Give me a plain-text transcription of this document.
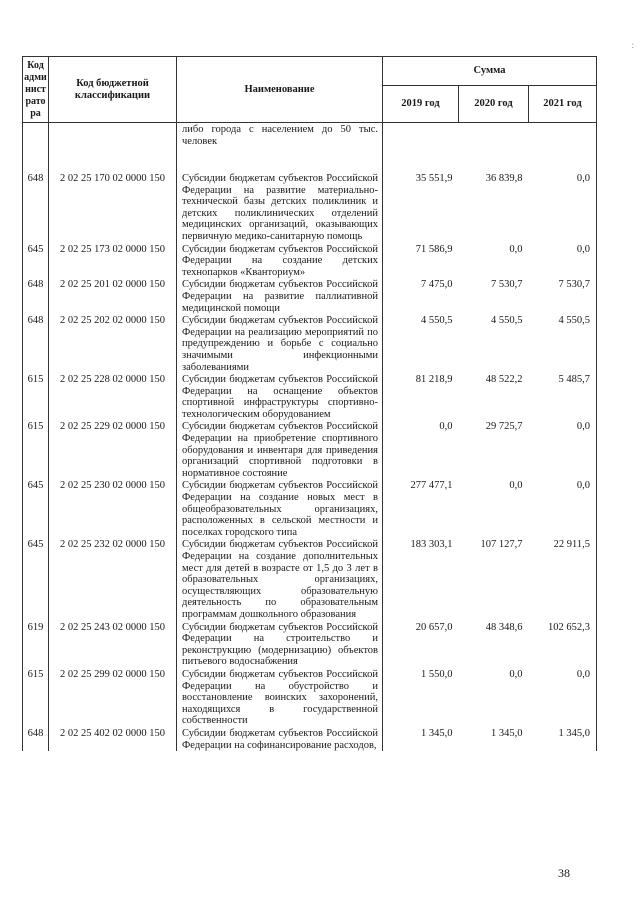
:
Код адми нист рато ра	Код бюджетной классификации	Наименование	Сумма		
			2019 год	2020 год	2021 год
		либо города с населением до 50 тыс. человек			
648	2 02 25 170 02 0000 150	Субсидии бюджетам субъектов Российской Федерации на развитие материально-технической базы детских поликлиник и детских поликлинических отделений медицинских организаций, оказывающих первичную медико-санитарную помощь	35 551,9	36 839,8	0,0
645	2 02 25 173 02 0000 150	Субсидии бюджетам субъектов Российской Федерации на создание детских технопарков «Кванториум»	71 586,9	0,0	0,0
648	2 02 25 201 02 0000 150	Субсидии бюджетам субъектов Российской Федерации на развитие паллиативной медицинской помощи	7 475,0	7 530,7	7 530,7
648	2 02 25 202 02 0000 150	Субсидии бюджетам субъектов Российской Федерации на реализацию мероприятий по предупреждению и борьбе с социально значимыми инфекционными заболеваниями	4 550,5	4 550,5	4 550,5
615	2 02 25 228 02 0000 150	Субсидии бюджетам субъектов Российской Федерации на оснащение объектов спортивной инфраструктуры спортивно-технологическим оборудованием	81 218,9	48 522,2	5 485,7
615	2 02 25 229 02 0000 150	Субсидии бюджетам субъектов Российской Федерации на приобретение спортивного оборудования и инвентаря для приведения организаций спортивной подготовки в нормативное состояние	0,0	29 725,7	0,0
645	2 02 25 230 02 0000 150	Субсидии бюджетам субъектов Российской Федерации на создание новых мест в общеобразовательных организациях, расположенных в сельской местности и поселках городского типа	277 477,1	0,0	0,0
645	2 02 25 232 02 0000 150	Субсидии бюджетам субъектов Российской Федерации на создание дополнительных мест для детей в возрасте от 1,5 до 3 лет в образовательных организациях, осуществляющих образовательную деятельность по образовательным программам дошкольного образования	183 303,1	107 127,7	22 911,5
619	2 02 25 243 02 0000 150	Субсидии бюджетам субъектов Российской Федерации на строительство и реконструкцию (модернизацию) объектов питьевого водоснабжения	20 657,0	48 348,6	102 652,3
615	2 02 25 299 02 0000 150	Субсидии бюджетам субъектов Российской Федерации на обустройство и восстановление воинских захоронений, находящихся в государственной собственности	1 550,0	0,0	0,0
648	2 02 25 402 02 0000 150	Субсидии бюджетам субъектов Российской Федерации на софинансирование расходов,	1 345,0	1 345,0	1 345,0
38
